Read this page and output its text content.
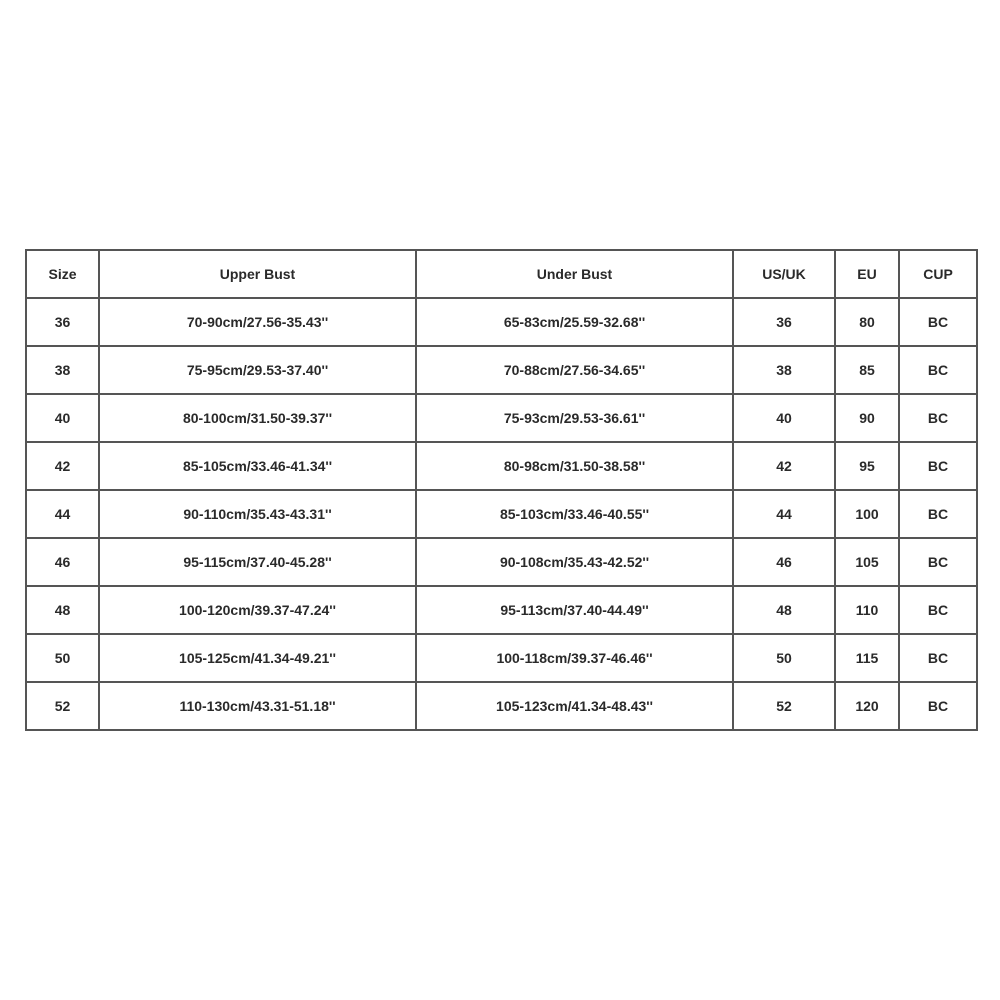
Size	Upper Bust	Under Bust	US/UK	EU	CUP
36	70-90cm/27.56-35.43''	65-83cm/25.59-32.68''	36	80	BC
38	75-95cm/29.53-37.40''	70-88cm/27.56-34.65''	38	85	BC
40	80-100cm/31.50-39.37''	75-93cm/29.53-36.61''	40	90	BC
42	85-105cm/33.46-41.34''	80-98cm/31.50-38.58''	42	95	BC
44	90-110cm/35.43-43.31''	85-103cm/33.46-40.55''	44	100	BC
46	95-115cm/37.40-45.28''	90-108cm/35.43-42.52''	46	105	BC
48	100-120cm/39.37-47.24''	95-113cm/37.40-44.49''	48	110	BC
50	105-125cm/41.34-49.21''	100-118cm/39.37-46.46''	50	115	BC
52	110-130cm/43.31-51.18''	105-123cm/41.34-48.43''	52	120	BC
